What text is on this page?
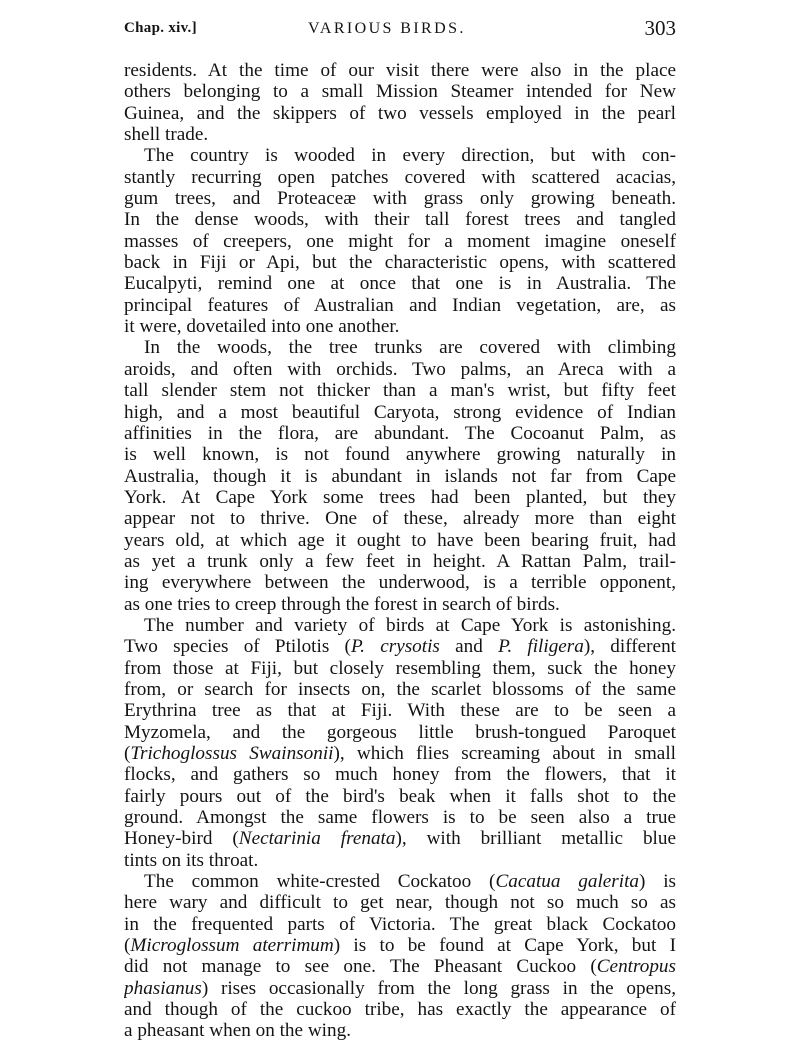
Chap. xiv.]	VARIOUS BIRDS.	303
residents. At the time of our visit there were also in the place
others belonging to a small Mission Steamer intended for New
Guinea, and the skippers of two vessels employed in the pearl
shell trade.
The country is wooded in every direction, but with con-
stantly recurring open patches covered with scattered acacias,
gum trees, and Proteaceæ with grass only growing beneath.
In the dense woods, with their tall forest trees and tangled
masses of creepers, one might for a moment imagine oneself
back in Fiji or Api, but the characteristic opens, with scattered
Eucalpyti, remind one at once that one is in Australia. The
principal features of Australian and Indian vegetation, are, as
it were, dovetailed into one another.
In the woods, the tree trunks are covered with climbing
aroids, and often with orchids. Two palms, an Areca with a
tall slender stem not thicker than a man's wrist, but fifty feet
high, and a most beautiful Caryota, strong evidence of Indian
affinities in the flora, are abundant. The Cocoanut Palm, as
is well known, is not found anywhere growing naturally in
Australia, though it is abundant in islands not far from Cape
York. At Cape York some trees had been planted, but they
appear not to thrive. One of these, already more than eight
years old, at which age it ought to have been bearing fruit, had
as yet a trunk only a few feet in height. A Rattan Palm, trail-
ing everywhere between the underwood, is a terrible opponent,
as one tries to creep through the forest in search of birds.
The number and variety of birds at Cape York is astonishing.
Two species of Ptilotis (P. crysotis and P. filigera), different
from those at Fiji, but closely resembling them, suck the honey
from, or search for insects on, the scarlet blossoms of the same
Erythrina tree as that at Fiji. With these are to be seen a
Myzomela, and the gorgeous little brush-tongued Paroquet
(Trichoglossus Swainsonii), which flies screaming about in small
flocks, and gathers so much honey from the flowers, that it
fairly pours out of the bird's beak when it falls shot to the
ground. Amongst the same flowers is to be seen also a true
Honey-bird (Nectarinia frenata), with brilliant metallic blue
tints on its throat.
The common white-crested Cockatoo (Cacatua galerita) is
here wary and difficult to get near, though not so much so as
in the frequented parts of Victoria. The great black Cockatoo
(Microglossum aterrimum) is to be found at Cape York, but I
did not manage to see one. The Pheasant Cuckoo (Centropus
phasianus) rises occasionally from the long grass in the opens,
and though of the cuckoo tribe, has exactly the appearance of
a pheasant when on the wing.
